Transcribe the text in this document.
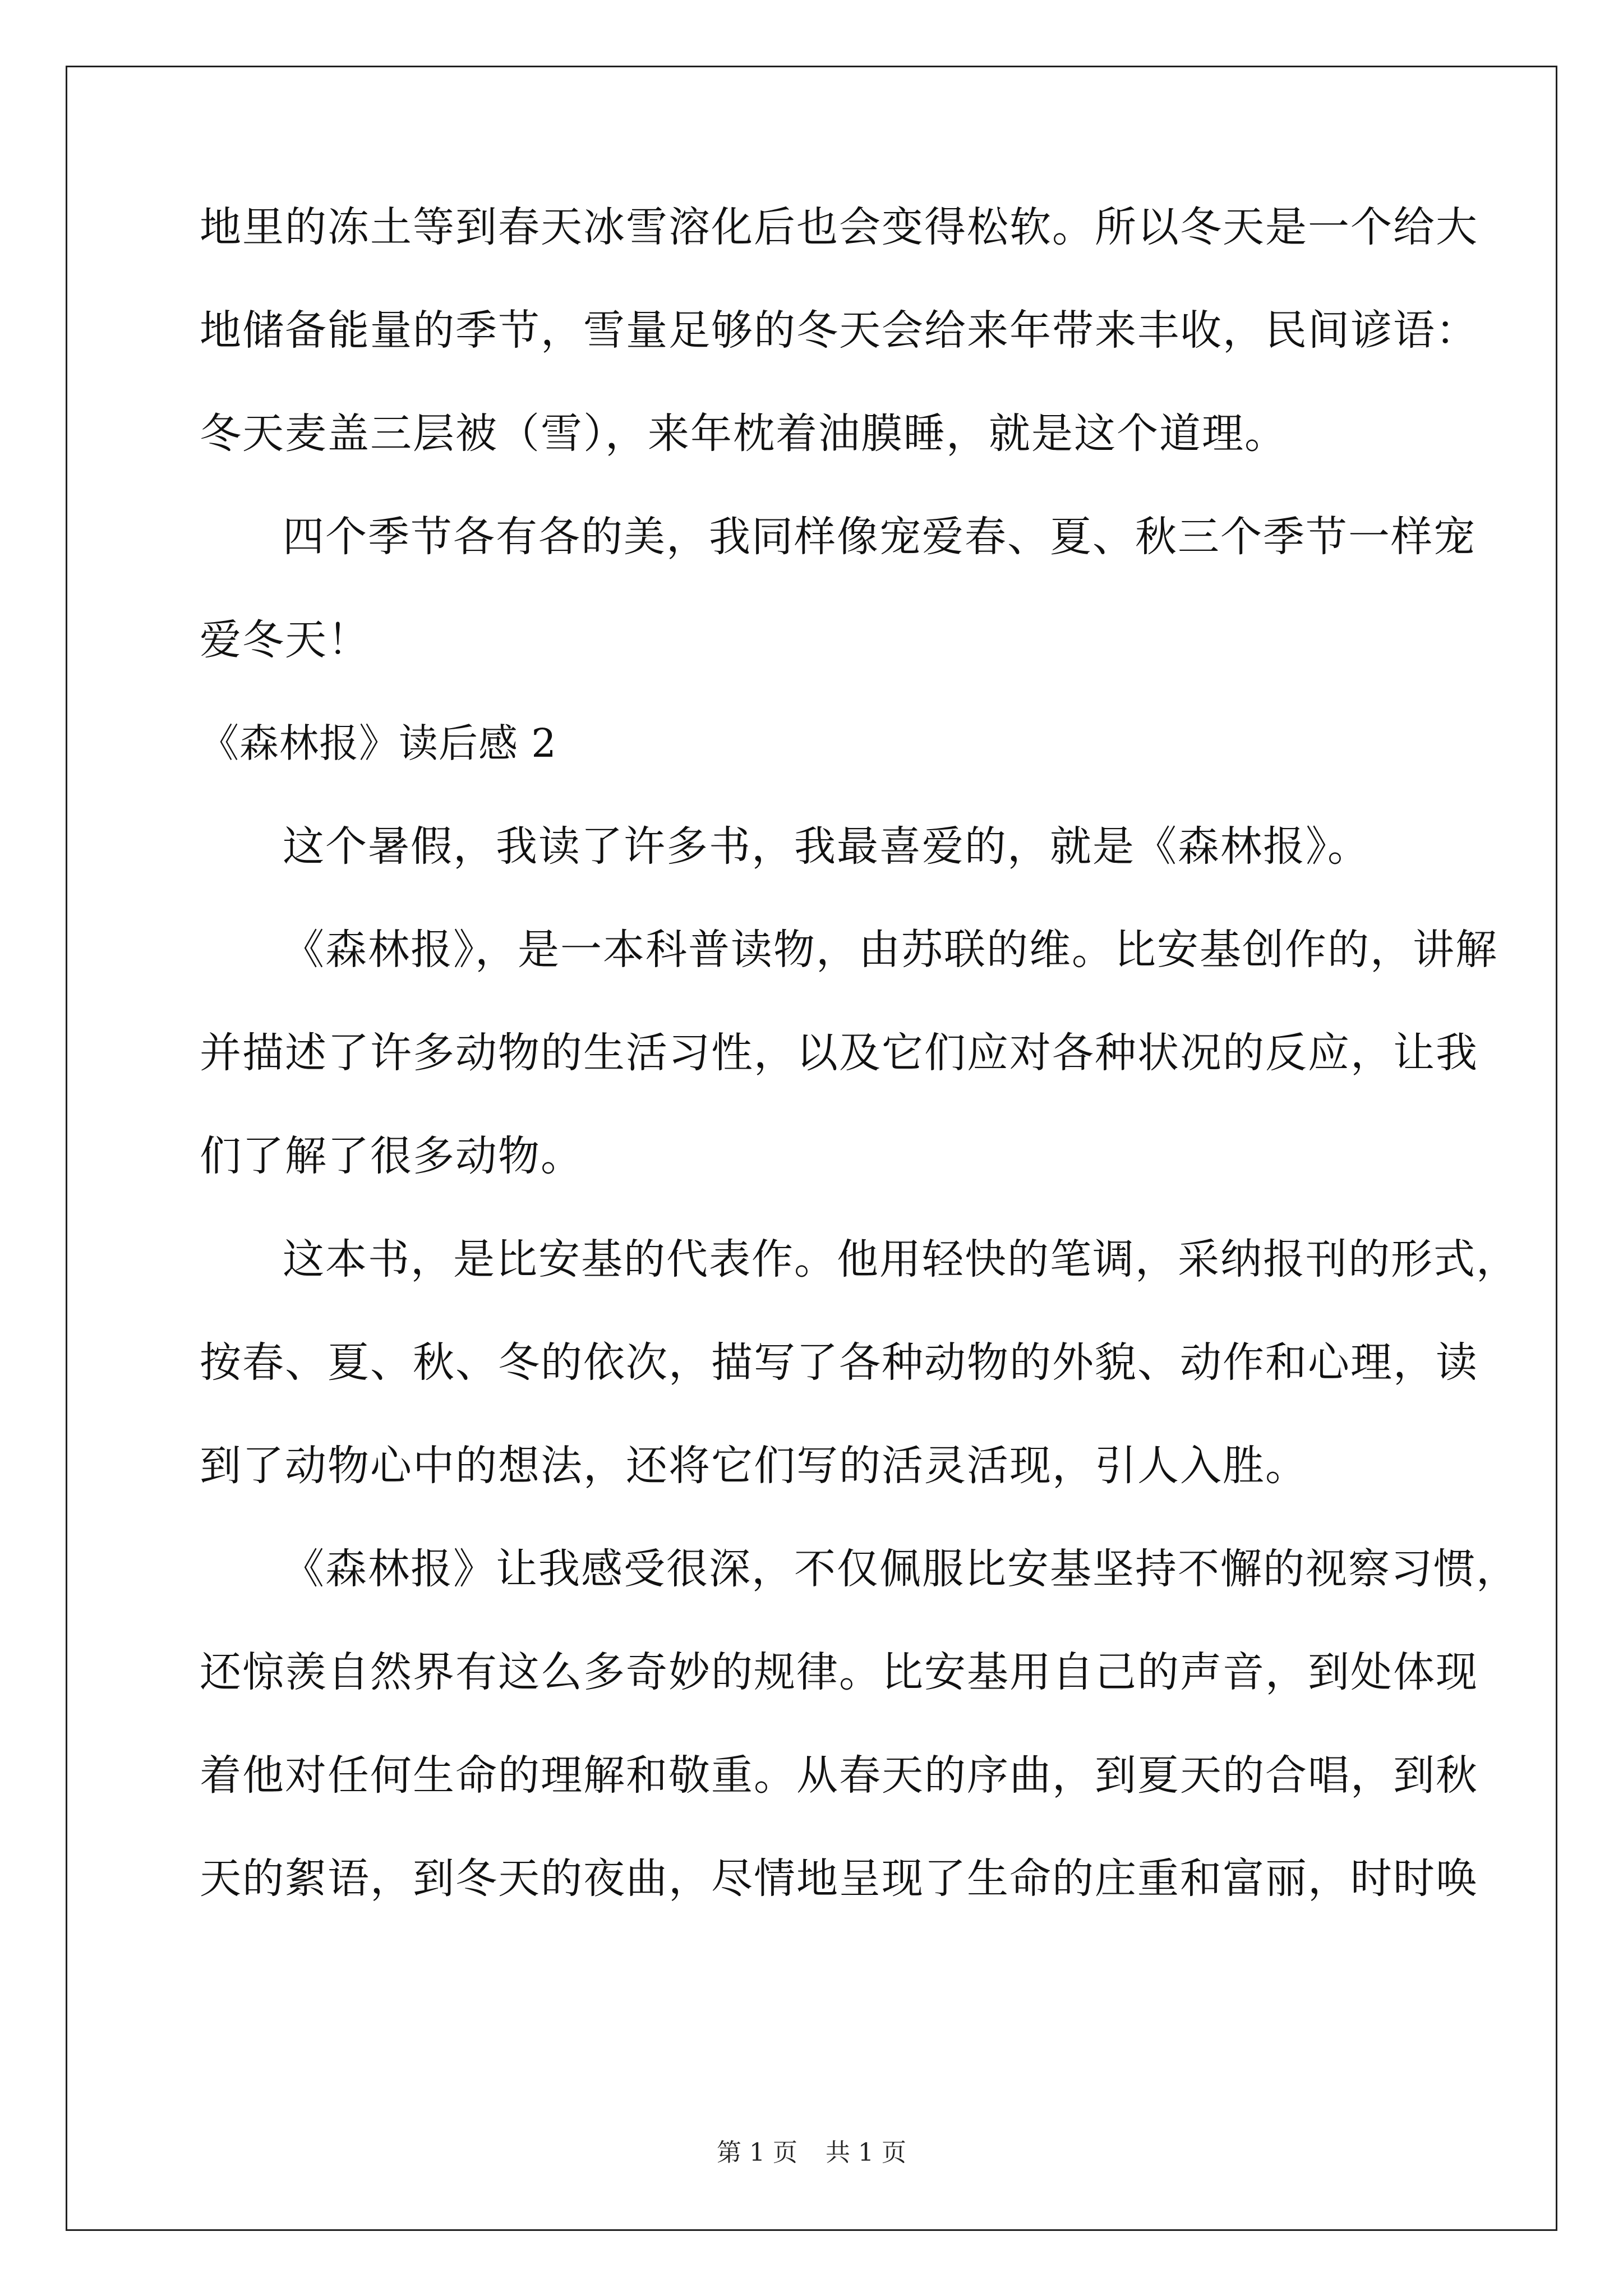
地里的冻土等到春天冰雪溶化后也会变得松软。所以冬天是一个给大
地储备能量的季节，雪量足够的冬天会给来年带来丰收，民间谚语：
冬天麦盖三层被（雪），来年枕着油膜睡，就是这个道理。
四个季节各有各的美，我同样像宠爱春、夏、秋三个季节一样宠
爱冬天！
《森林报》读后感 2
这个暑假，我读了许多书，我最喜爱的，就是《森林报》。
《森林报》，是一本科普读物，由苏联的维。比安基创作的，讲解
并描述了许多动物的生活习性，以及它们应对各种状况的反应，让我
们了解了很多动物。
这本书，是比安基的代表作。他用轻快的笔调，采纳报刊的形式，
按春、夏、秋、冬的依次，描写了各种动物的外貌、动作和心理，读
到了动物心中的想法，还将它们写的活灵活现，引人入胜。
《森林报》让我感受很深，不仅佩服比安基坚持不懈的视察习惯，
还惊羡自然界有这么多奇妙的规律。比安基用自己的声音，到处体现
着他对任何生命的理解和敬重。从春天的序曲，到夏天的合唱，到秋
天的絮语，到冬天的夜曲，尽情地呈现了生命的庄重和富丽，时时唤
第 1 页 共 1 页
